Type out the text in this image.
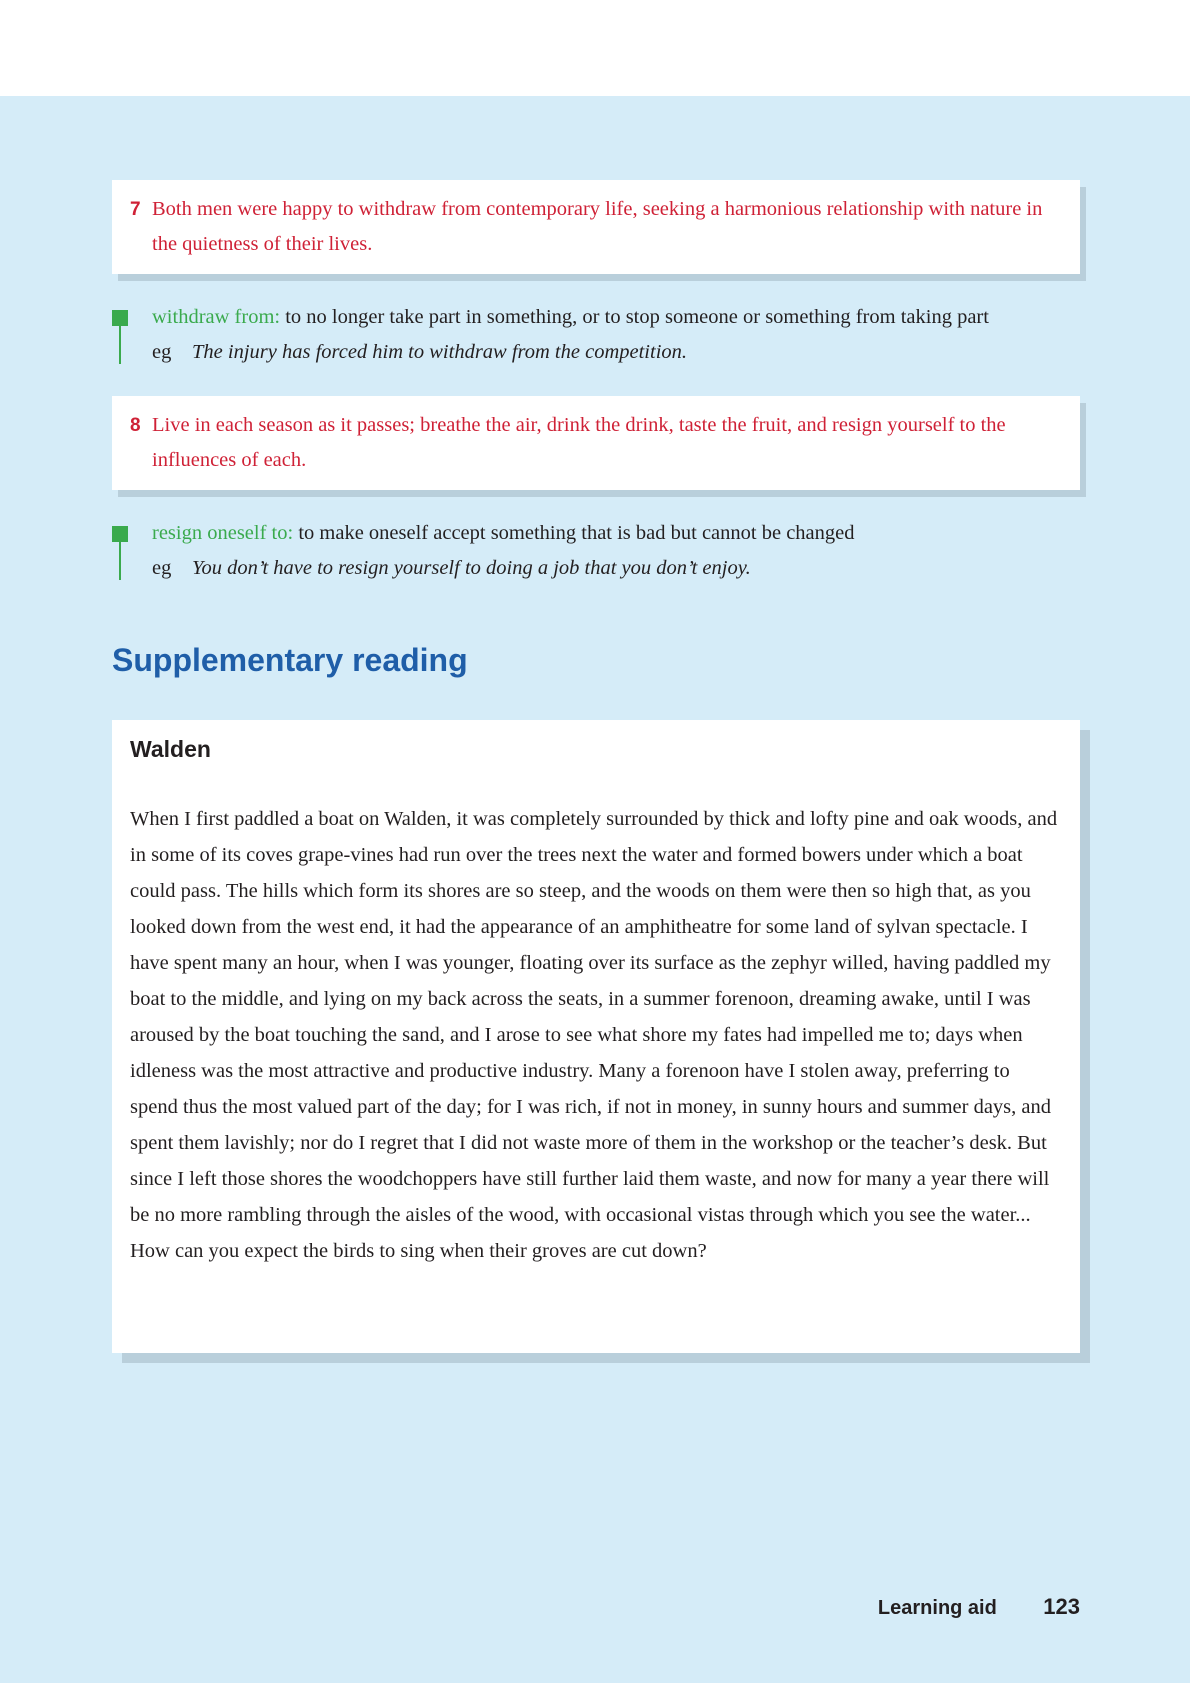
7 Both men were happy to withdraw from contemporary life, seeking a harmonious relationship with nature in the quietness of their lives.
withdraw from: to no longer take part in something, or to stop someone or something from taking part
eg The injury has forced him to withdraw from the competition.
8 Live in each season as it passes; breathe the air, drink the drink, taste the fruit, and resign yourself to the influences of each.
resign oneself to: to make oneself accept something that is bad but cannot be changed
eg You don’t have to resign yourself to doing a job that you don’t enjoy.
Supplementary reading
Walden

When I first paddled a boat on Walden, it was completely surrounded by thick and lofty pine and oak woods, and in some of its coves grape-vines had run over the trees next the water and formed bowers under which a boat could pass. The hills which form its shores are so steep, and the woods on them were then so high that, as you looked down from the west end, it had the appearance of an amphitheatre for some land of sylvan spectacle. I have spent many an hour, when I was younger, floating over its surface as the zephyr willed, having paddled my boat to the middle, and lying on my back across the seats, in a summer forenoon, dreaming awake, until I was aroused by the boat touching the sand, and I arose to see what shore my fates had impelled me to; days when idleness was the most attractive and productive industry. Many a forenoon have I stolen away, preferring to spend thus the most valued part of the day; for I was rich, if not in money, in sunny hours and summer days, and spent them lavishly; nor do I regret that I did not waste more of them in the workshop or the teacher’s desk. But since I left those shores the woodchoppers have still further laid them waste, and now for many a year there will be no more rambling through the aisles of the wood, with occasional vistas through which you see the water... How can you expect the birds to sing when their groves are cut down?

Learning aid 123
